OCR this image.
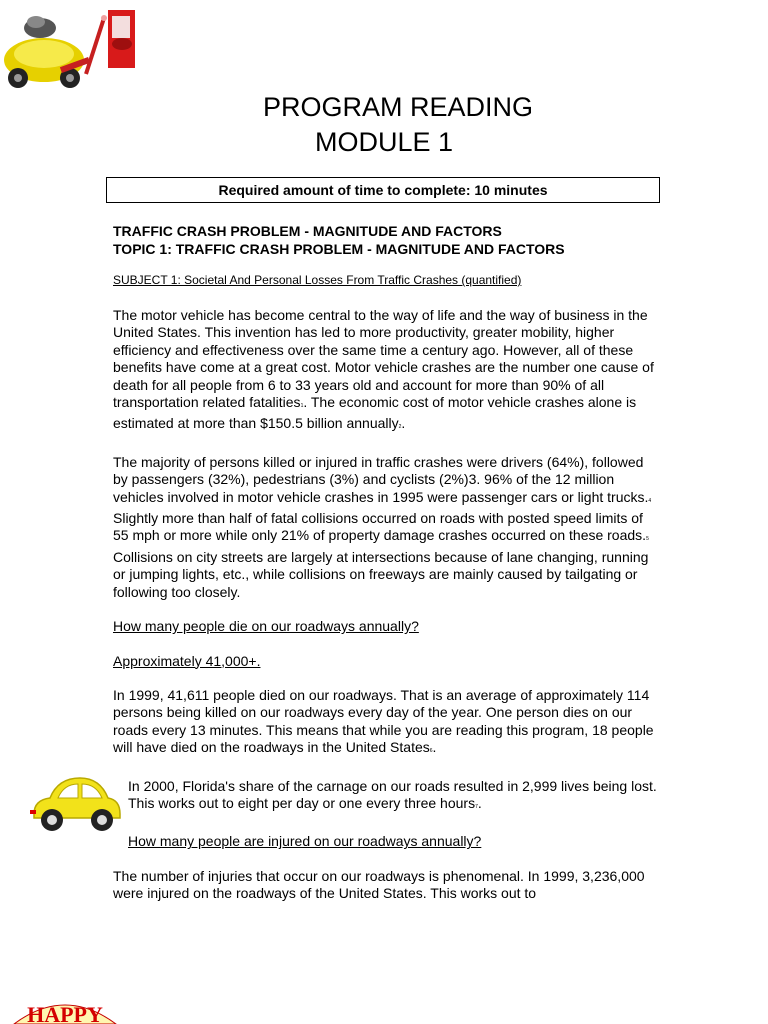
PROGRAM READING
MODULE 1
Required amount of time to complete: 10 minutes
TRAFFIC CRASH PROBLEM - MAGNITUDE AND FACTORS
TOPIC 1: TRAFFIC CRASH PROBLEM - MAGNITUDE AND FACTORS
SUBJECT 1: Societal And Personal Losses From Traffic Crashes (quantified)

The motor vehicle has become central to the way of life and the way of business in the United States. This invention has led to more productivity, greater mobility, higher efficiency and effectiveness over the same time a century ago. However, all of these benefits have come at a great cost. Motor vehicle crashes are the number one cause of death for all people from 6 to 33 years old and account for more than 90% of all transportation related fatalities1. The economic cost of motor vehicle crashes alone is estimated at more than $150.5 billion annually2.

The majority of persons killed or injured in traffic crashes were drivers (64%), followed by passengers (32%), pedestrians (3%) and cyclists (2%)3. 96% of the 12 million vehicles involved in motor vehicle crashes in 1995 were passenger cars or light trucks.4 Slightly more than half of fatal collisions occurred on roads with posted speed limits of 55 mph or more while only 21% of property damage crashes occurred on these roads.5 Collisions on city streets are largely at intersections because of lane changing, running or jumping lights, etc., while collisions on freeways are mainly caused by tailgating or following too closely.

How many people die on our roadways annually?

Approximately 41,000+.

In 1999, 41,611 people died on our roadways. That is an average of approximately 114 persons being killed on our roadways every day of the year. One person dies on our roads every 13 minutes. This means that while you are reading this program, 18 people will have died on the roadways in the United States6.

In 2000, Florida's share of the carnage on our roads resulted in 2,999 lives being lost. This works out to eight per day or one every three hours7.

How many people are injured on our roadways annually?

The number of injuries that occur on our roadways is phenomenal. In 1999, 3,236,000 were injured on the roadways of the United States. This works out to

HAPPY
